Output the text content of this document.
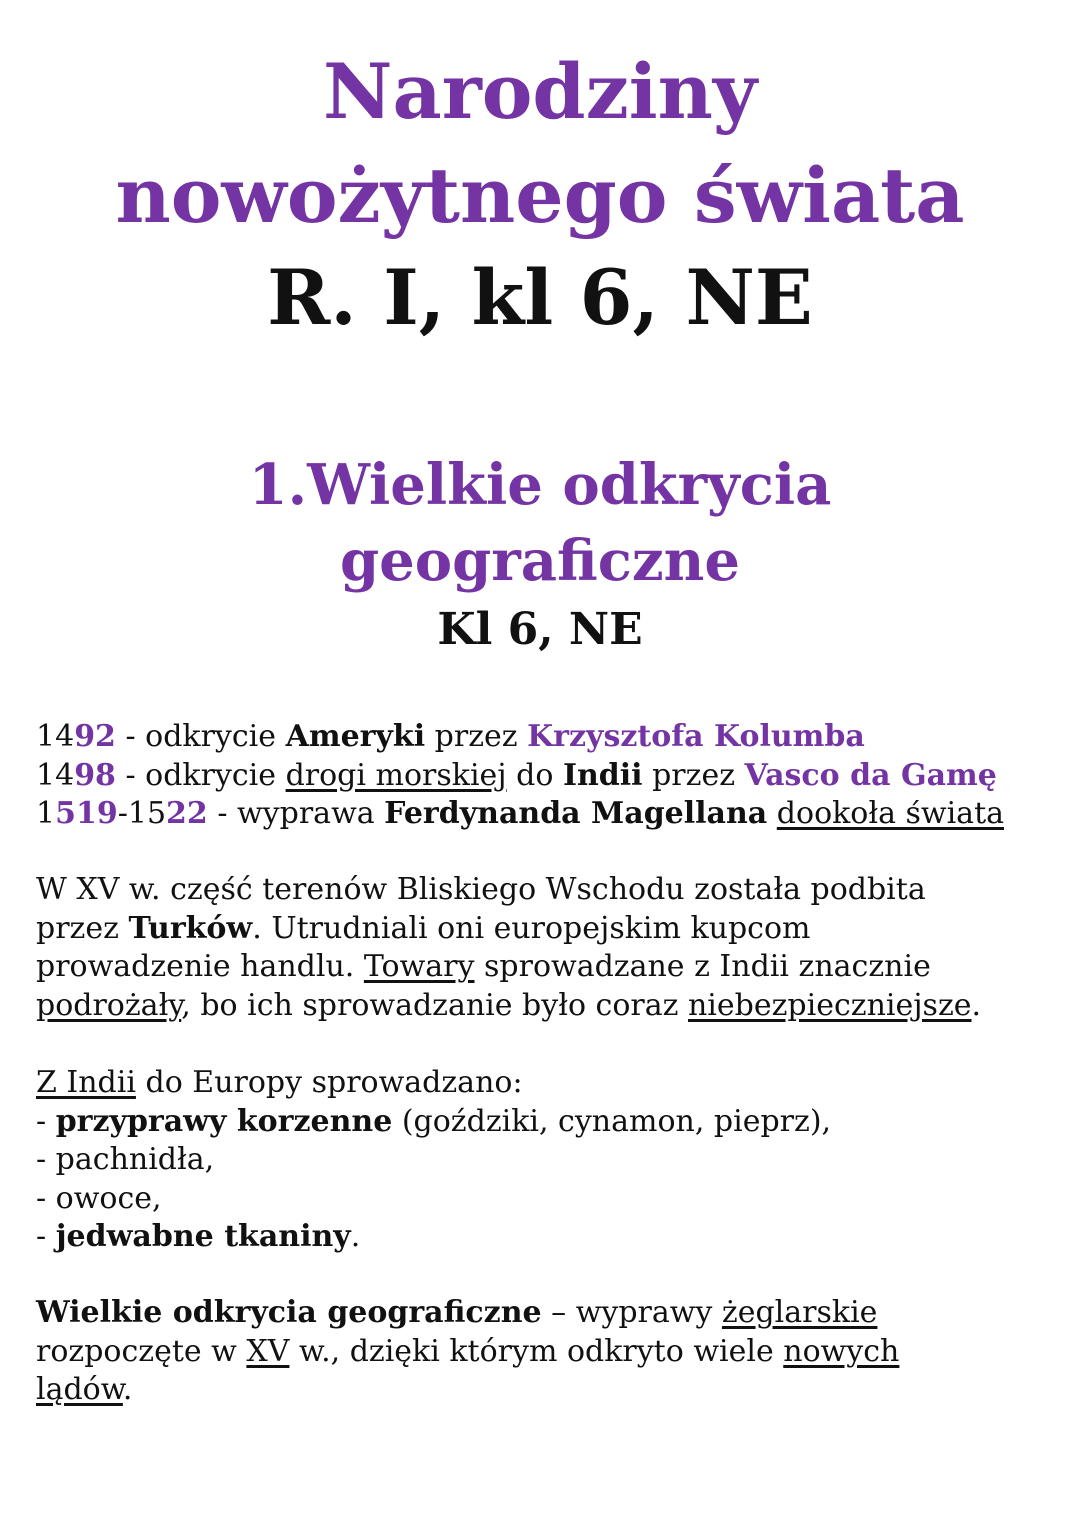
Narodziny
nowożytnego świata
R. I, kl 6, NE
1.Wielkie odkrycia
geograficzne
Kl 6, NE

1492 - odkrycie Ameryki przez Krzysztofa Kolumba

1498 - odkrycie drogi morskiej do Indii przez Vasco da Gamę

1519-1522 - wyprawa Ferdynanda Magellana dookoła świata

W XV w. część terenów Bliskiego Wschodu została podbita

przez Turków. Utrudniali oni europejskim kupcom

prowadzenie handlu. Towary sprowadzane z Indii znacznie

podrożały, bo ich sprowadzanie było coraz niebezpieczniejsze.

Z Indii do Europy sprowadzano:

- przyprawy korzenne (goździki, cynamon, pieprz),

- pachnidła,

- owoce,

- jedwabne tkaniny.

Wielkie odkrycia geograficzne – wyprawy żeglarskie

rozpoczęte w XV w., dzięki którym odkryto wiele nowych

lądów.
